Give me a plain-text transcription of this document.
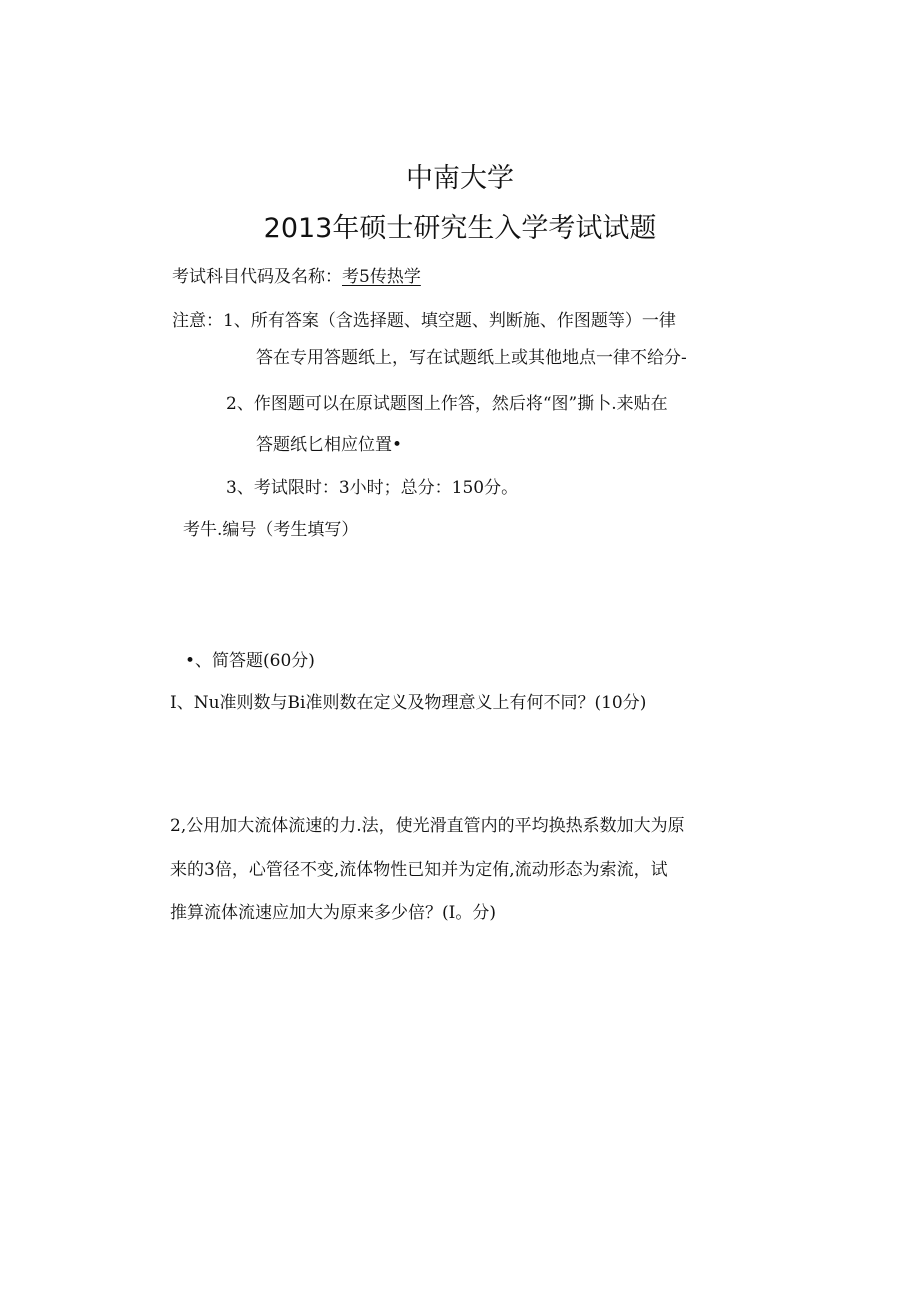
中南大学
2013年硕士研究生入学考试试题
考试科目代码及名称：考5传热学
注意：1、所有答案（含选择题、填空题、判断施、作图题等）一律
答在专用答题纸上，写在试题纸上或其他地点一律不给分-
2、作图题可以在原试题图上作答，然后将“图”撕卜.来贴在
答题纸匕相应位置•
3、考试限时：3小时；总分：150分。
考牛.编号（考生填写）
•、简答题(60分)
I、Nu准则数与Bi准则数在定义及物理意义上有何不同？(10分)
2,公用加大流体流速的力.法，使光滑直管内的平均换热系数加大为原
来的3倍，心管径不变,流体物性已知并为定侑,流动形态为索流，试
推算流体流速应加大为原来多少倍？(I。分)
